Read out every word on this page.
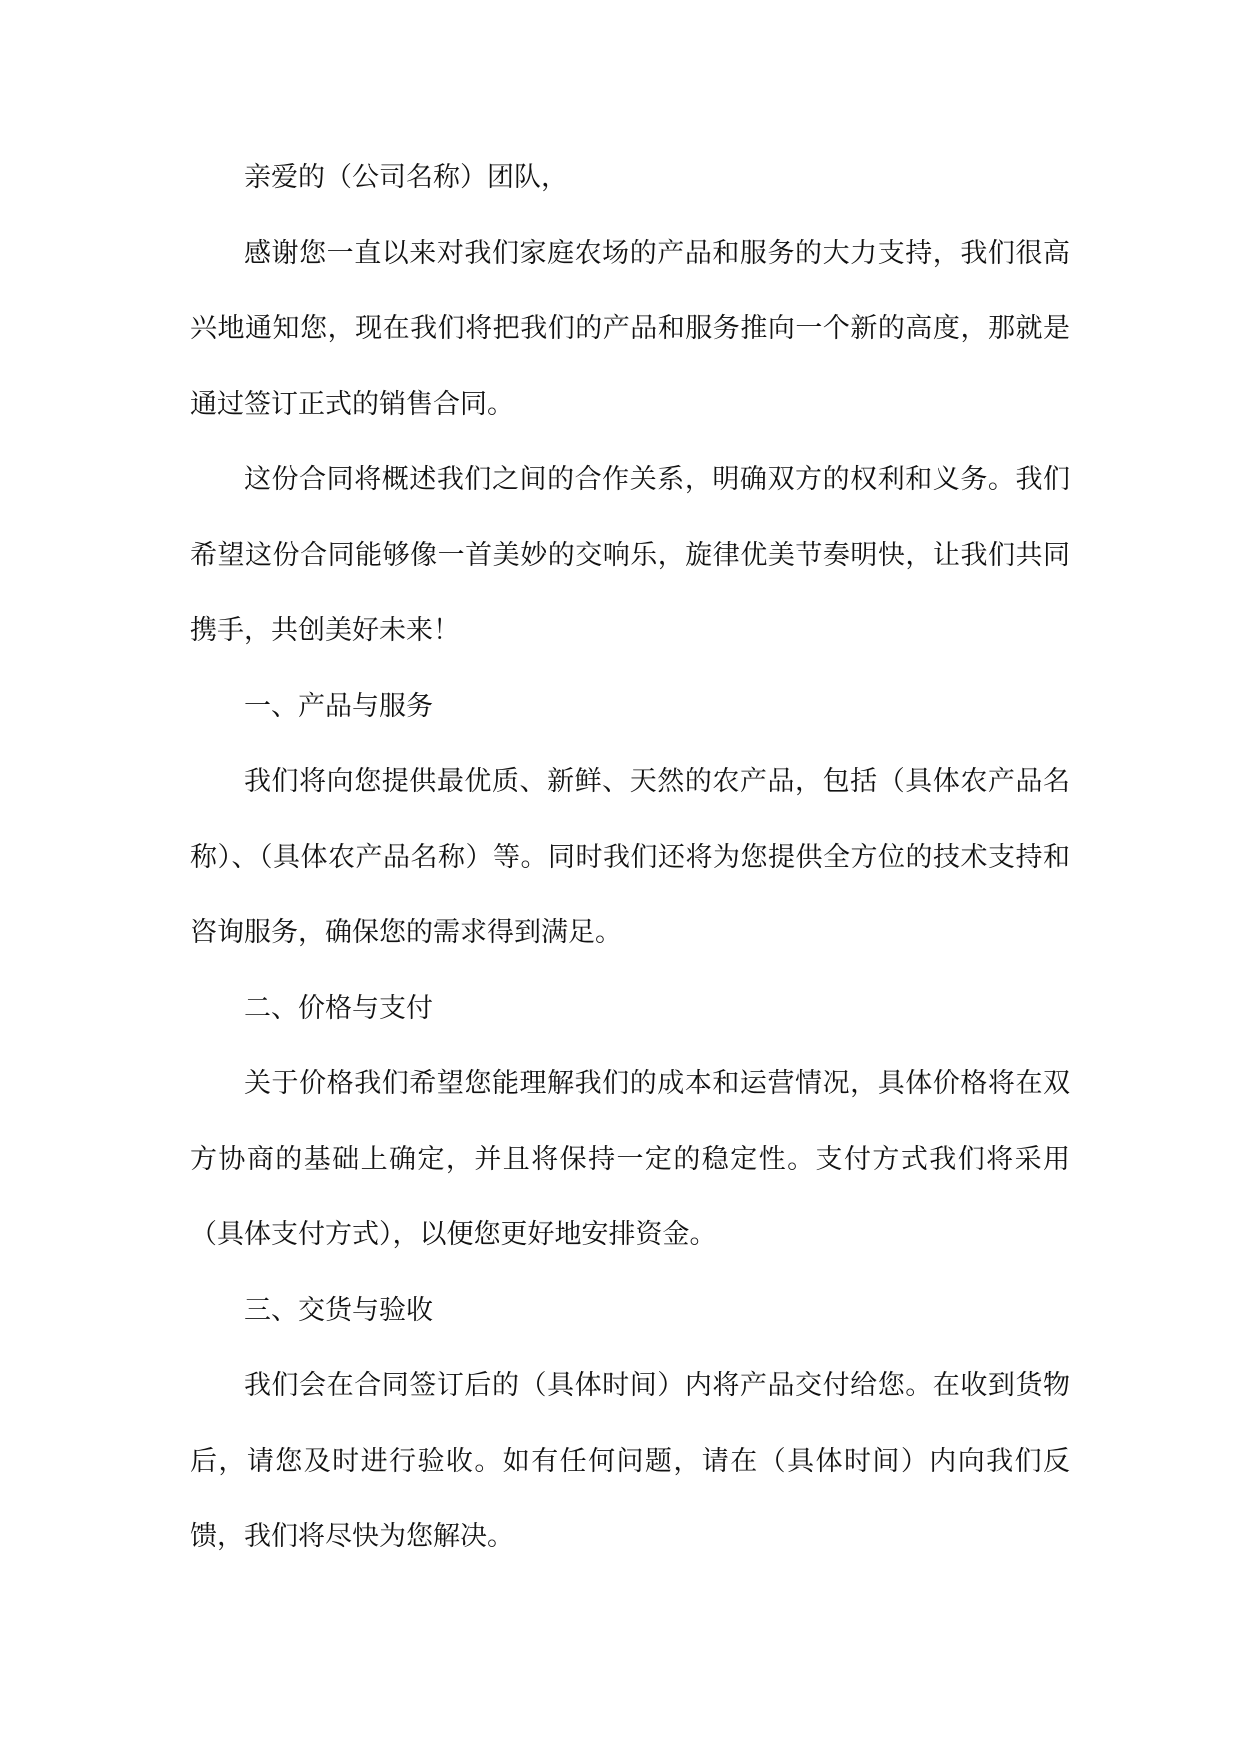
亲爱的（公司名称）团队，

感谢您一直以来对我们家庭农场的产品和服务的大力支持，我们很高兴地通知您，现在我们将把我们的产品和服务推向一个新的高度，那就是通过签订正式的销售合同。

这份合同将概述我们之间的合作关系，明确双方的权利和义务。我们希望这份合同能够像一首美妙的交响乐，旋律优美节奏明快，让我们共同携手，共创美好未来！

一、产品与服务

我们将向您提供最优质、新鲜、天然的农产品，包括（具体农产品名称）、（具体农产品名称）等。同时我们还将为您提供全方位的技术支持和咨询服务，确保您的需求得到满足。

二、价格与支付

关于价格我们希望您能理解我们的成本和运营情况，具体价格将在双方协商的基础上确定，并且将保持一定的稳定性。支付方式我们将采用（具体支付方式），以便您更好地安排资金。

三、交货与验收

我们会在合同签订后的（具体时间）内将产品交付给您。在收到货物后，请您及时进行验收。如有任何问题，请在（具体时间）内向我们反馈，我们将尽快为您解决。
